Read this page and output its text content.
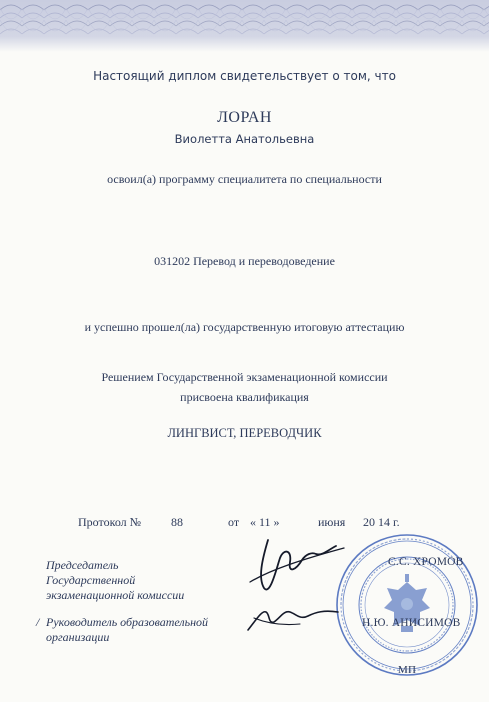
Настоящий диплом свидетельствует о том, что
ЛОРАН
Виолетта Анатольевна
освоил(а) программу специалитета по специальности
031202 Перевод и переводоведение
и успешно прошел(ла) государственную итоговую аттестацию
Решением Государственной экзаменационной комиссии
присвоена квалификация
ЛИНГВИСТ, ПЕРЕВОДЧИК
Протокол № 88	от « 11 »	июня 20 14 г.
Председатель
Государственной
экзаменационной комиссии
Руководитель образовательной
организации
/
С.С. ХРОМОВ
Н.Ю. АНИСИМОВ
МП
